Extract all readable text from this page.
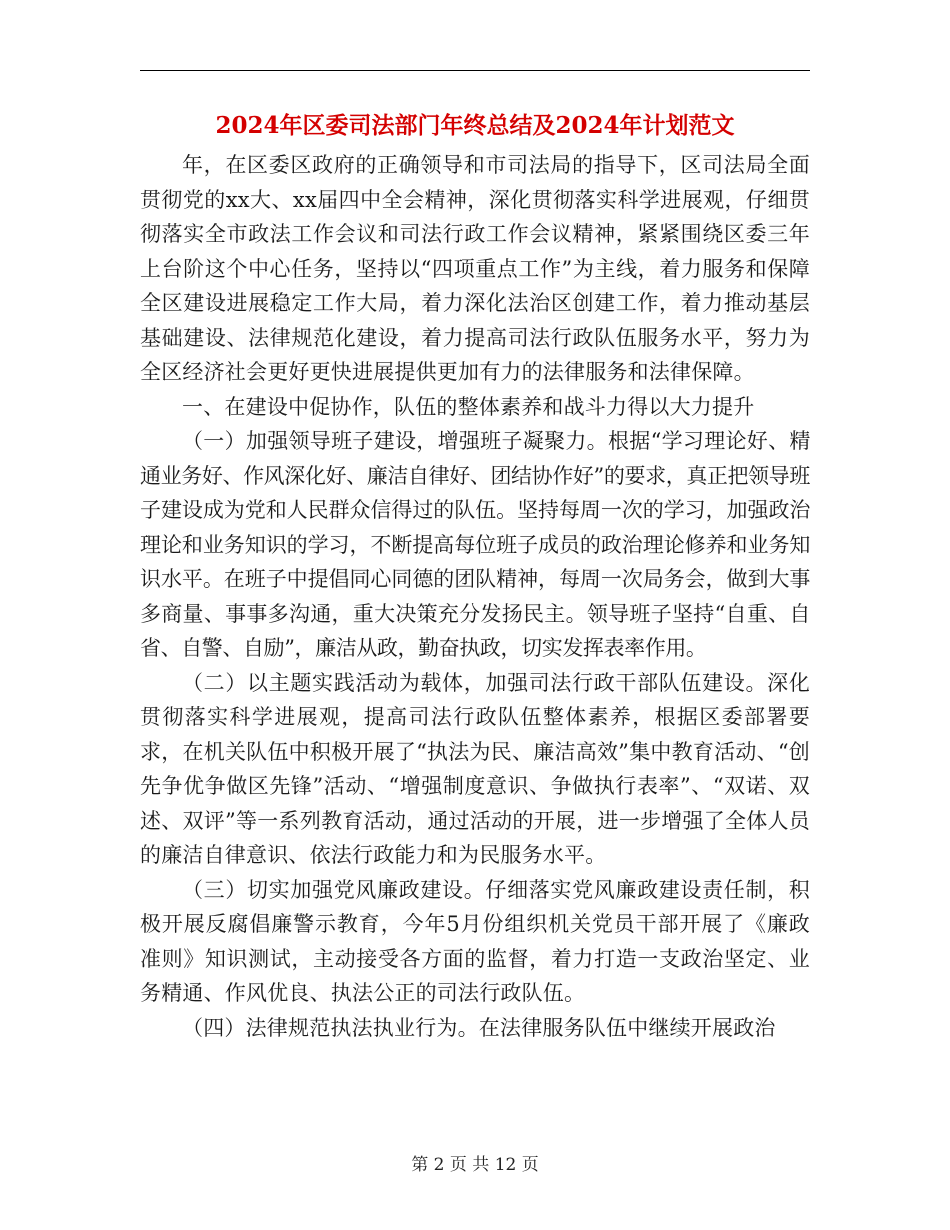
2024年区委司法部门年终总结及2024年计划范文

年，在区委区政府的正确领导和市司法局的指导下，区司法局全面贯彻党的xx大、xx届四中全会精神，深化贯彻落实科学进展观，仔细贯彻落实全市政法工作会议和司法行政工作会议精神，紧紧围绕区委三年上台阶这个中心任务，坚持以“四项重点工作”为主线，着力服务和保障全区建设进展稳定工作大局，着力深化法治区创建工作，着力推动基层基础建设、法律规范化建设，着力提高司法行政队伍服务水平，努力为全区经济社会更好更快进展提供更加有力的法律服务和法律保障。

一、在建设中促协作，队伍的整体素养和战斗力得以大力提升

（一）加强领导班子建设，增强班子凝聚力。根据“学习理论好、精通业务好、作风深化好、廉洁自律好、团结协作好”的要求，真正把领导班子建设成为党和人民群众信得过的队伍。坚持每周一次的学习，加强政治理论和业务知识的学习，不断提高每位班子成员的政治理论修养和业务知识水平。在班子中提倡同心同德的团队精神，每周一次局务会，做到大事多商量、事事多沟通，重大决策充分发扬民主。领导班子坚持“自重、自省、自警、自励”，廉洁从政，勤奋执政，切实发挥表率作用。

（二）以主题实践活动为载体，加强司法行政干部队伍建设。深化贯彻落实科学进展观，提高司法行政队伍整体素养，根据区委部署要求，在机关队伍中积极开展了“执法为民、廉洁高效”集中教育活动、“创先争优争做区先锋”活动、“增强制度意识、争做执行表率”、“双诺、双述、双评”等一系列教育活动，通过活动的开展，进一步增强了全体人员的廉洁自律意识、依法行政能力和为民服务水平。

（三）切实加强党风廉政建设。仔细落实党风廉政建设责任制，积极开展反腐倡廉警示教育，今年5月份组织机关党员干部开展了《廉政准则》知识测试，主动接受各方面的监督，着力打造一支政治坚定、业务精通、作风优良、执法公正的司法行政队伍。

（四）法律规范执法执业行为。在法律服务队伍中继续开展政治

第 2 页 共 12 页
